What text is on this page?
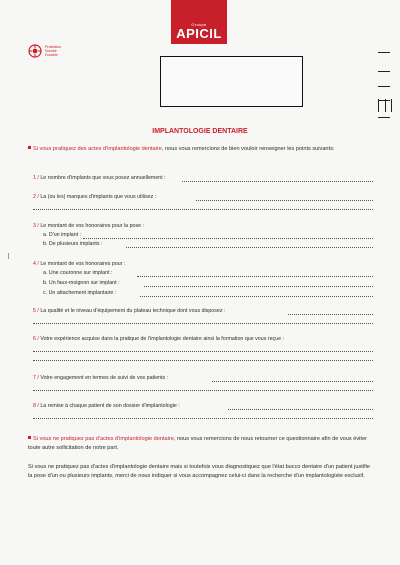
Groupe
APICIL
Protection
Sociale
Durable
IMPLANTOLOGIE DENTAIRE
Si vous pratiquez des actes d'implantologie dentaire, nous vous remercions de bien vouloir renseigner les points suivants:
1 / Le nombre d'implants que vous posez annuellement :
2 / La (ou les) marques d'implants que vous utilisez :
3 / Le montant de vos honoraires pour la pose :
a. D'un implant :
b. De plusieurs implants :
4 / Le montant de vos honoraires pour :
a. Une couronne sur implant :
b. Un faux-moignon sur implant :
c. Un attachement implantaire :
5 / La qualité et le niveau d'équipement du plateau technique dont vous disposez :
6 / Votre expérience acquise dans la pratique de l'implantologie dentaire ainsi la formation que vous reçue :
7 / Votre engagement en termes de suivi de vos patients :
8 / La remise à chaque patient de son dossier d'implantologie :
Si vous ne pratiquez pas d'actes d'implantologie dentaire, nous vous remercions de nous retourner ce questionnaire afin de vous éviter toute autre sollicitation de notre part.
Si vous ne pratiquez pas d'actes d'implantologie dentaire mais si toutefois vous diagnostiquez que l'état bucco dentaire d'un patient justifie la pose d'un ou plusieurs implants, merci de nous indiquer si vous accompagnez celui-ci dans la recherche d'un implantologiste exclusif.
